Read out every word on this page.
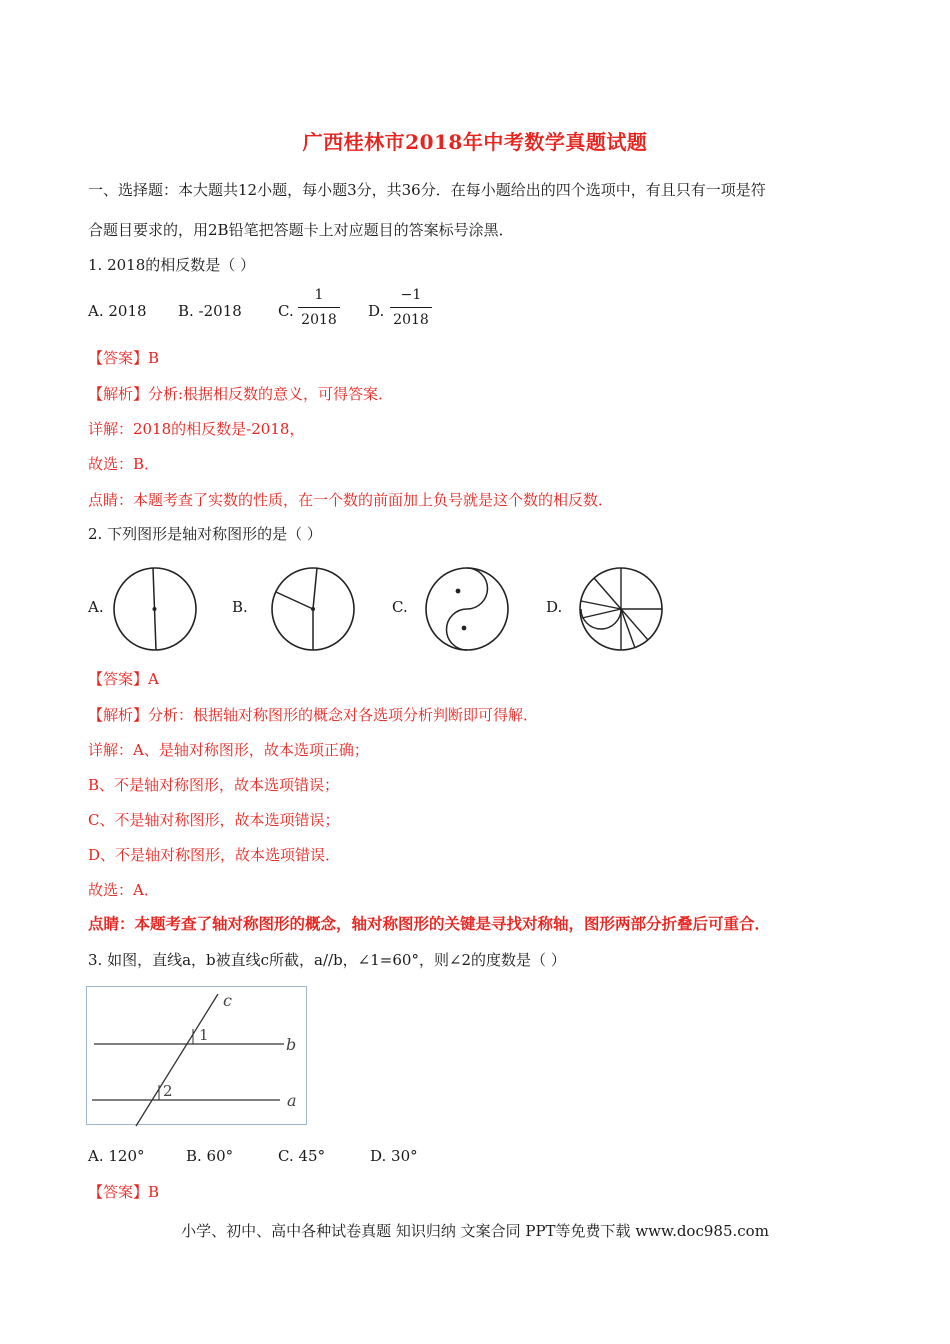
广西桂林市2018年中考数学真题试题
一、选择题：本大题共12小题，每小题3分，共36分．在每小题给出的四个选项中，有且只有一项是符
合题目要求的，用2B铅笔把答题卡上对应题目的答案标号涂黑．
1. 2018的相反数是（ ）
A. 2018 B. -2018 C.
1
2018 D.
−1
2018
【答案】B
【解析】分析:根据相反数的意义，可得答案．
详解：2018的相反数是-2018，
故选：B．
点睛：本题考查了实数的性质，在一个数的前面加上负号就是这个数的相反数．
2. 下列图形是轴对称图形的是（ ）
A.	B.	C.	D.
【答案】A
【解析】分析：根据轴对称图形的概念对各选项分析判断即可得解．
详解：A、是轴对称图形，故本选项正确；
B、不是轴对称图形，故本选项错误；
C、不是轴对称图形，故本选项错误；
D、不是轴对称图形，故本选项错误．
故选：A．
点睛：本题考查了轴对称图形的概念，轴对称图形的关键是寻找对称轴，图形两部分折叠后可重合．
3. 如图，直线a，b被直线c所截，a//b，∠1=60°，则∠2的度数是（ ）
c
b
a
1
2
A. 120°	B. 60°	C. 45°	D. 30°
【答案】B
小学、初中、高中各种试卷真题 知识归纳 文案合同 PPT等免费下载 www.doc985.com
